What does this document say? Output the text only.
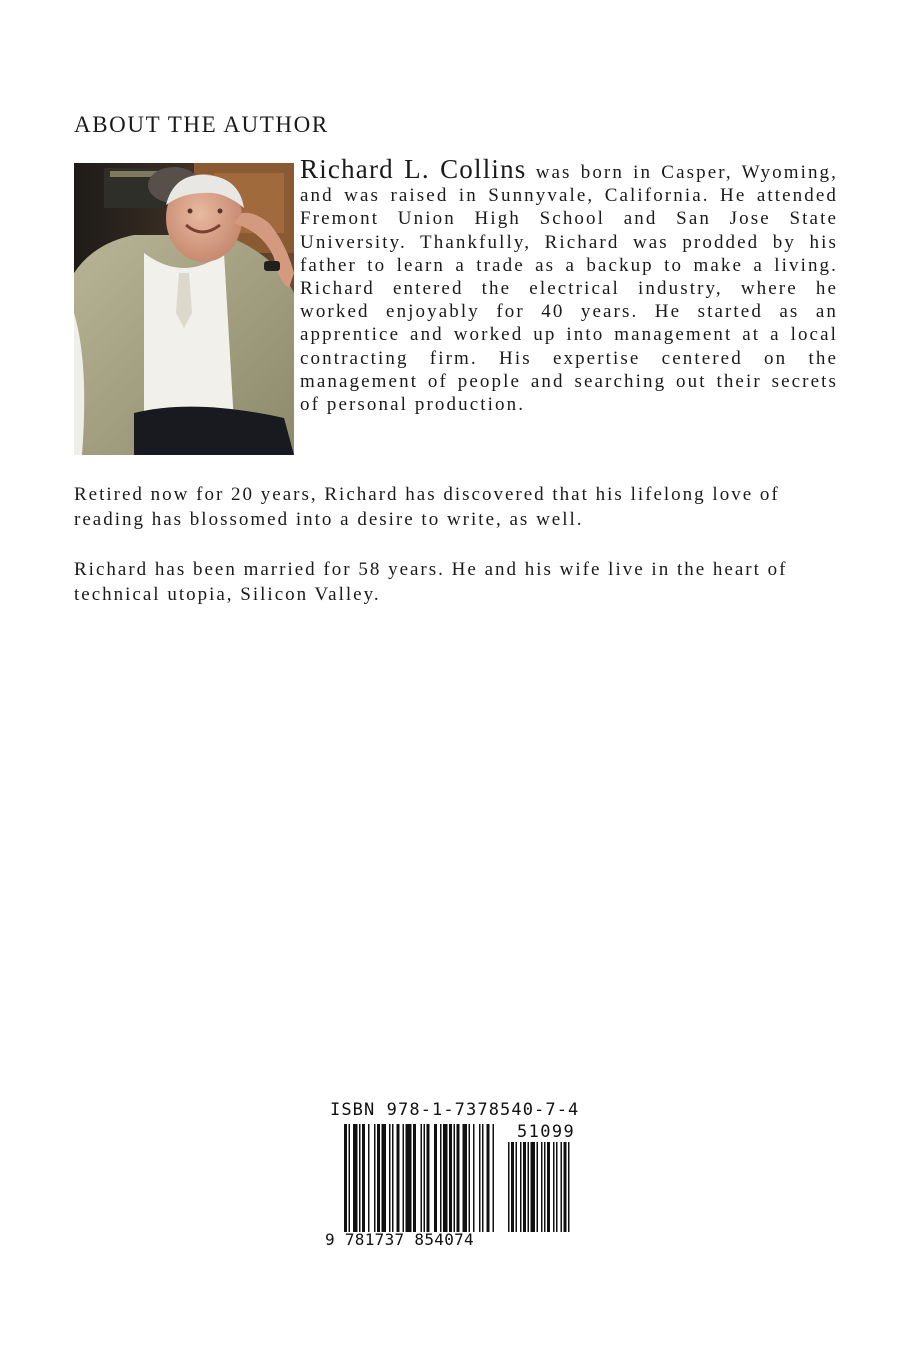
ABOUT THE AUTHOR

Richard L. Collins was born in Casper, Wyoming, and was raised in Sunnyvale, California. He attended Fremont Union High School and San Jose State University. Thankfully, Richard was prodded by his father to learn a trade as a backup to make a living. Richard entered the electrical industry, where he worked enjoyably for 40 years. He started as an apprentice and worked up into management at a local contracting firm. His expertise centered on the management of people and searching out their secrets of personal production.

Retired now for 20 years, Richard has discovered that his lifelong love of reading has blossomed into a desire to write, as well.

Richard has been married for 58 years. He and his wife live in the heart of technical utopia, Silicon Valley.

ISBN 978-1-7378540-7-4
51099
9 781737 854074
